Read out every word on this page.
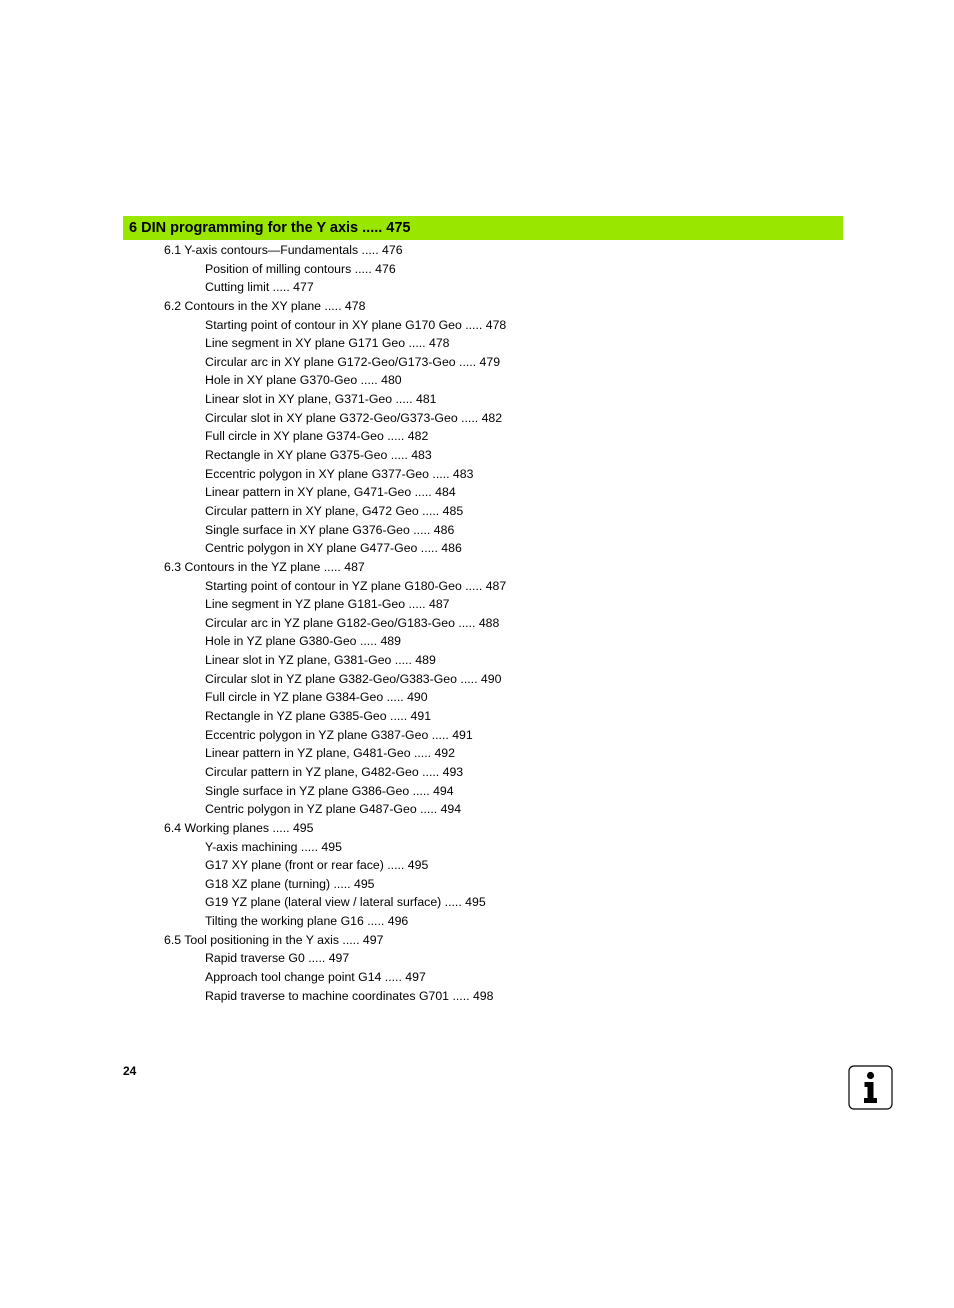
6 DIN programming for the Y axis ..... 475
6.1 Y-axis contours—Fundamentals ..... 476
Position of milling contours ..... 476
Cutting limit ..... 477
6.2 Contours in the XY plane ..... 478
Starting point of contour in XY plane G170 Geo ..... 478
Line segment in XY plane G171 Geo ..... 478
Circular arc in XY plane G172-Geo/G173-Geo ..... 479
Hole in XY plane G370-Geo ..... 480
Linear slot in XY plane, G371-Geo ..... 481
Circular slot in XY plane G372-Geo/G373-Geo ..... 482
Full circle in XY plane G374-Geo ..... 482
Rectangle in XY plane G375-Geo ..... 483
Eccentric polygon in XY plane G377-Geo ..... 483
Linear pattern in XY plane, G471-Geo ..... 484
Circular pattern in XY plane, G472 Geo ..... 485
Single surface in XY plane G376-Geo ..... 486
Centric polygon in XY plane G477-Geo ..... 486
6.3 Contours in the YZ plane ..... 487
Starting point of contour in YZ plane G180-Geo ..... 487
Line segment in YZ plane G181-Geo ..... 487
Circular arc in YZ plane G182-Geo/G183-Geo ..... 488
Hole in YZ plane G380-Geo ..... 489
Linear slot in YZ plane, G381-Geo ..... 489
Circular slot in YZ plane G382-Geo/G383-Geo ..... 490
Full circle in YZ plane G384-Geo ..... 490
Rectangle in YZ plane G385-Geo ..... 491
Eccentric polygon in YZ plane G387-Geo ..... 491
Linear pattern in YZ plane, G481-Geo ..... 492
Circular pattern in YZ plane, G482-Geo ..... 493
Single surface in YZ plane G386-Geo ..... 494
Centric polygon in YZ plane G487-Geo ..... 494
6.4 Working planes ..... 495
Y-axis machining ..... 495
G17 XY plane (front or rear face) ..... 495
G18 XZ plane (turning) ..... 495
G19 YZ plane (lateral view / lateral surface) ..... 495
Tilting the working plane G16 ..... 496
6.5 Tool positioning in the Y axis ..... 497
Rapid traverse G0 ..... 497
Approach tool change point G14 ..... 497
Rapid traverse to machine coordinates G701 ..... 498
24
